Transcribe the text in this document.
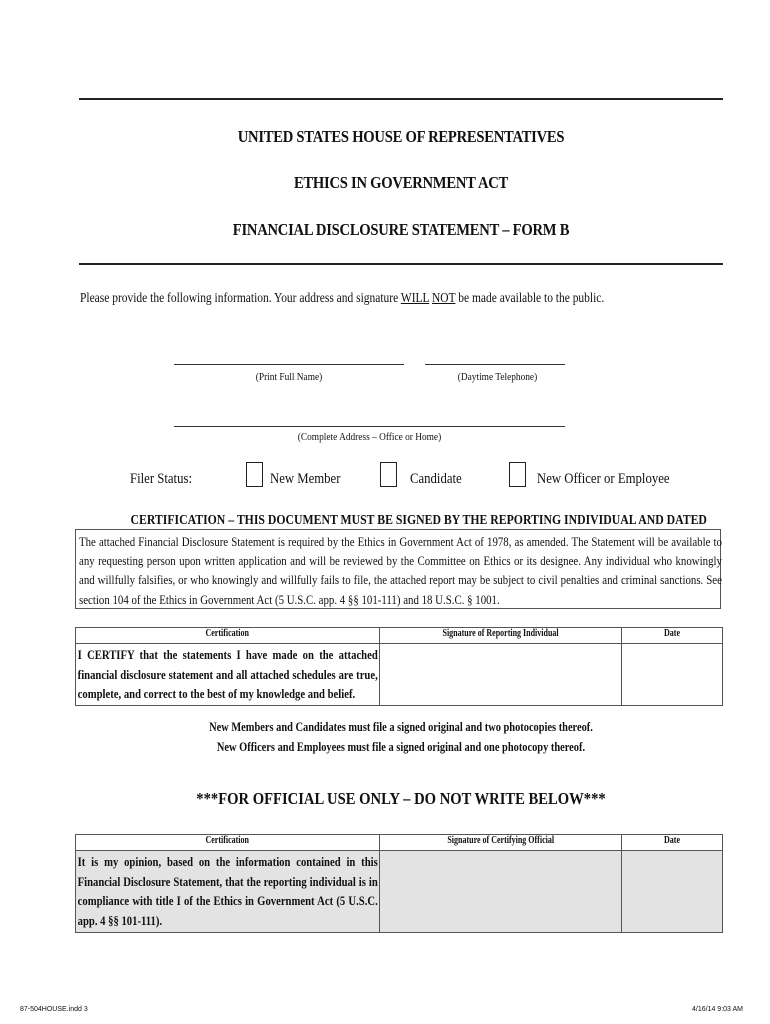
UNITED STATES HOUSE OF REPRESENTATIVES
ETHICS IN GOVERNMENT ACT
FINANCIAL DISCLOSURE STATEMENT – FORM B
Please provide the following information. Your address and signature WILL NOT be made available to the public.
(Print Full Name)	(Daytime Telephone)
(Complete Address – Office or Home)
Filer Status:	New Member	Candidate	New Officer or Employee
CERTIFICATION – THIS DOCUMENT MUST BE SIGNED BY THE REPORTING INDIVIDUAL AND DATED
The attached Financial Disclosure Statement is required by the Ethics in Government Act of 1978, as amended. The Statement will be available to any requesting person upon written application and will be reviewed by the Committee on Ethics or its designee. Any individual who knowingly and willfully falsifies, or who knowingly and willfully fails to file, the attached report may be subject to civil penalties and criminal sanctions. See section 104 of the Ethics in Government Act (5 U.S.C. app. 4 §§ 101-111) and 18 U.S.C. § 1001.
Certification	Signature of Reporting Individual	Date

I CERTIFY that the statements I have made on the attached financial disclosure statement and all attached schedules are true, complete, and correct to the best of my knowledge and belief.		

New Members and Candidates must file a signed original and two photocopies thereof.
New Officers and Employees must file a signed original and one photocopy thereof.
***FOR OFFICIAL USE ONLY – DO NOT WRITE BELOW***
Certification	Signature of Certifying Official	Date

It is my opinion, based on the information contained in this Financial Disclosure Statement, that the reporting individual is in compliance with title I of the Ethics in Government Act (5 U.S.C. app. 4 §§ 101-111).		

87-504HOUSE.indd 3	4/16/14 9:03 AM
